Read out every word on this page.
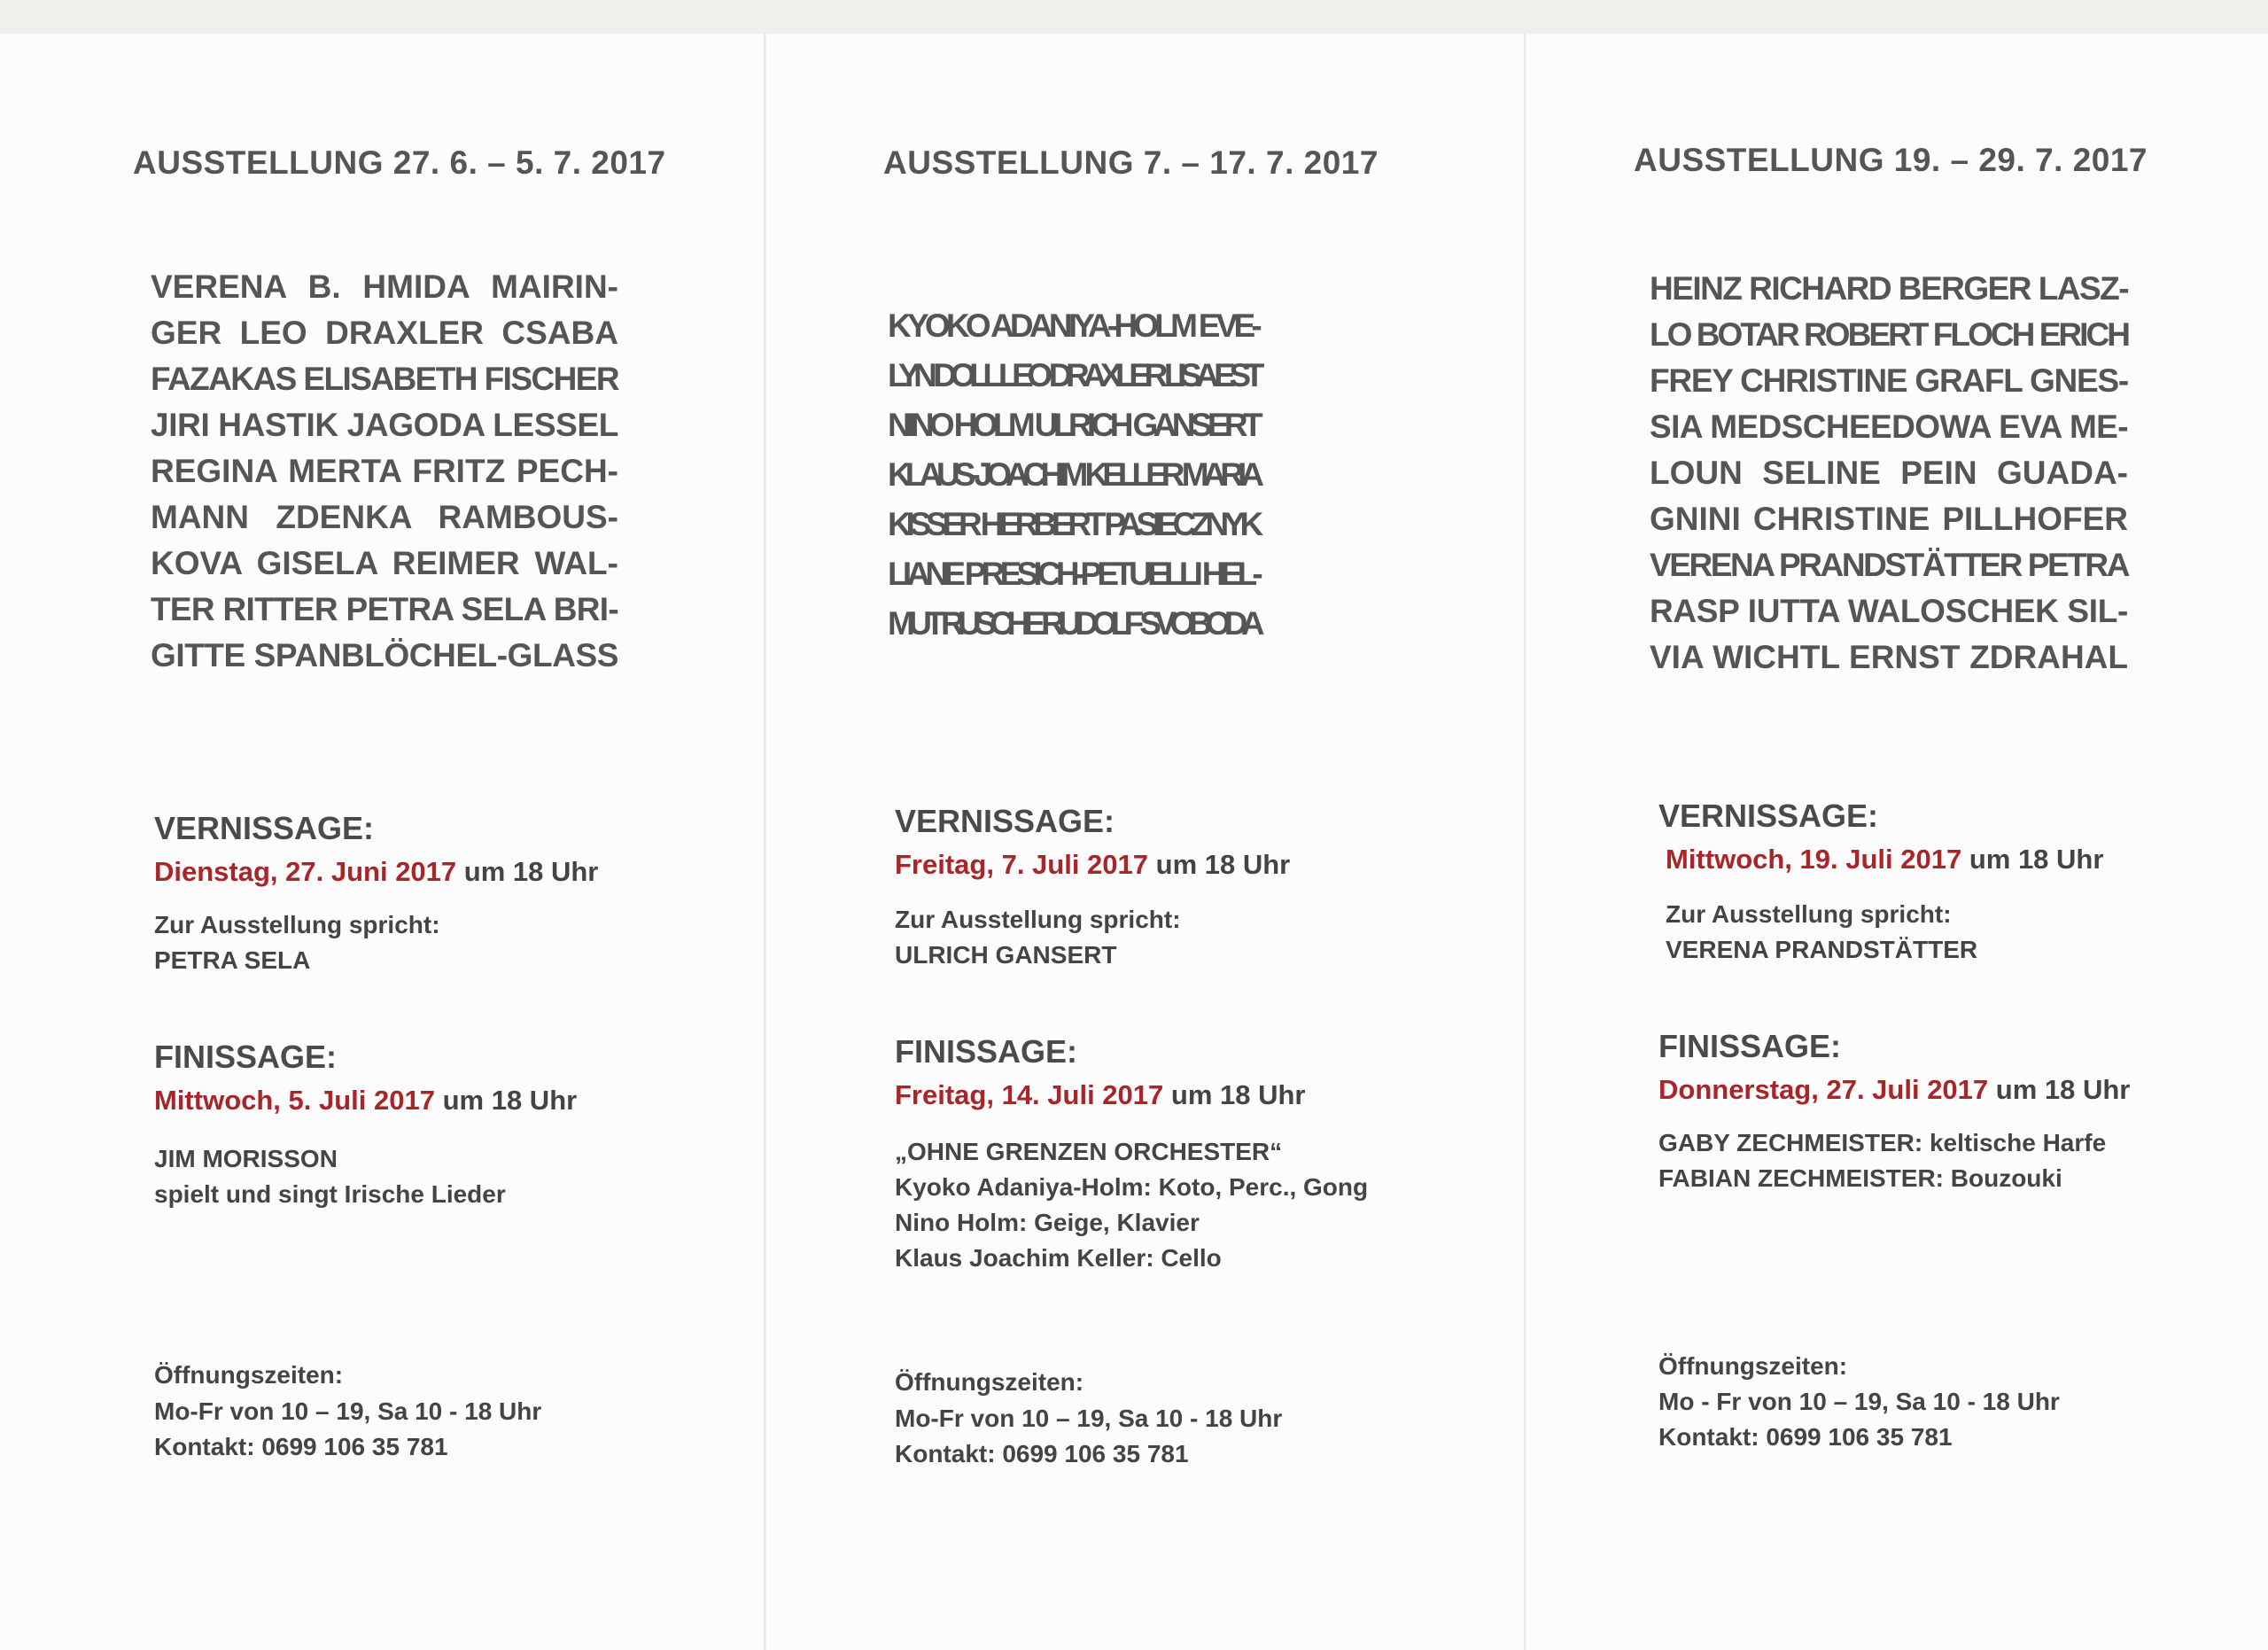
AUSSTELLUNG 27. 6. – 5. 7. 2017
VERENA B. HMIDA MAIRIN-
GER LEO DRAXLER CSABA
FAZAKAS ELISABETH FISCHER
JIRI HASTIK JAGODA LESSEL
REGINA MERTA FRITZ PECH-
MANN ZDENKA RAMBOUS-
KOVA GISELA REIMER WAL-
TER RITTER PETRA SELA BRI-
GITTE SPANBLÖCHEL-GLASS
VERNISSAGE:
Dienstag, 27. Juni 2017 um 18 Uhr
Zur Ausstellung spricht:
PETRA SELA
FINISSAGE:
Mittwoch, 5. Juli 2017 um 18 Uhr
JIM MORISSON
spielt und singt Irische Lieder
Öffnungszeiten:
Mo-Fr von 10 – 19, Sa 10 - 18 Uhr
Kontakt: 0699 106 35 781
AUSSTELLUNG 7. – 17. 7. 2017
KYOKO ADANIYA-HOLM EVE-
LYN DOLL LEO DRAXLER LISA EST
NINO HOLM ULRICH GANSERT
KLAUS-JOACHIM KELLER MARIA
KISSER HERBERT PASIECZNYK
LIANE PRESICH-PETUELLI HEL-
MUT RUSCHE RUDOLF SVOBODA
VERNISSAGE:
Freitag, 7. Juli 2017 um 18 Uhr
Zur Ausstellung spricht:
ULRICH GANSERT
FINISSAGE:
Freitag, 14. Juli 2017 um 18 Uhr
„OHNE GRENZEN ORCHESTER“
Kyoko Adaniya-Holm: Koto, Perc., Gong
Nino Holm: Geige, Klavier
Klaus Joachim Keller: Cello
Öffnungszeiten:
Mo-Fr von 10 – 19, Sa 10 - 18 Uhr
Kontakt: 0699 106 35 781
AUSSTELLUNG 19. – 29. 7. 2017
HEINZ RICHARD BERGER LASZ-
LO BOTAR ROBERT FLOCH ERICH
FREY CHRISTINE GRAFL GNES-
SIA MEDSCHEEDOWA EVA ME-
LOUN SELINE PEIN GUADA-
GNINI CHRISTINE PILLHOFER
VERENA PRANDSTÄTTER PETRA
RASP IUTTA WALOSCHEK SIL-
VIA WICHTL ERNST ZDRAHAL
VERNISSAGE:
Mittwoch, 19. Juli 2017 um 18 Uhr
Zur Ausstellung spricht:
VERENA PRANDSTÄTTER
FINISSAGE:
Donnerstag, 27. Juli 2017 um 18 Uhr
GABY ZECHMEISTER: keltische Harfe
FABIAN ZECHMEISTER: Bouzouki
Öffnungszeiten:
Mo - Fr von 10 – 19, Sa 10 - 18 Uhr
Kontakt: 0699 106 35 781
